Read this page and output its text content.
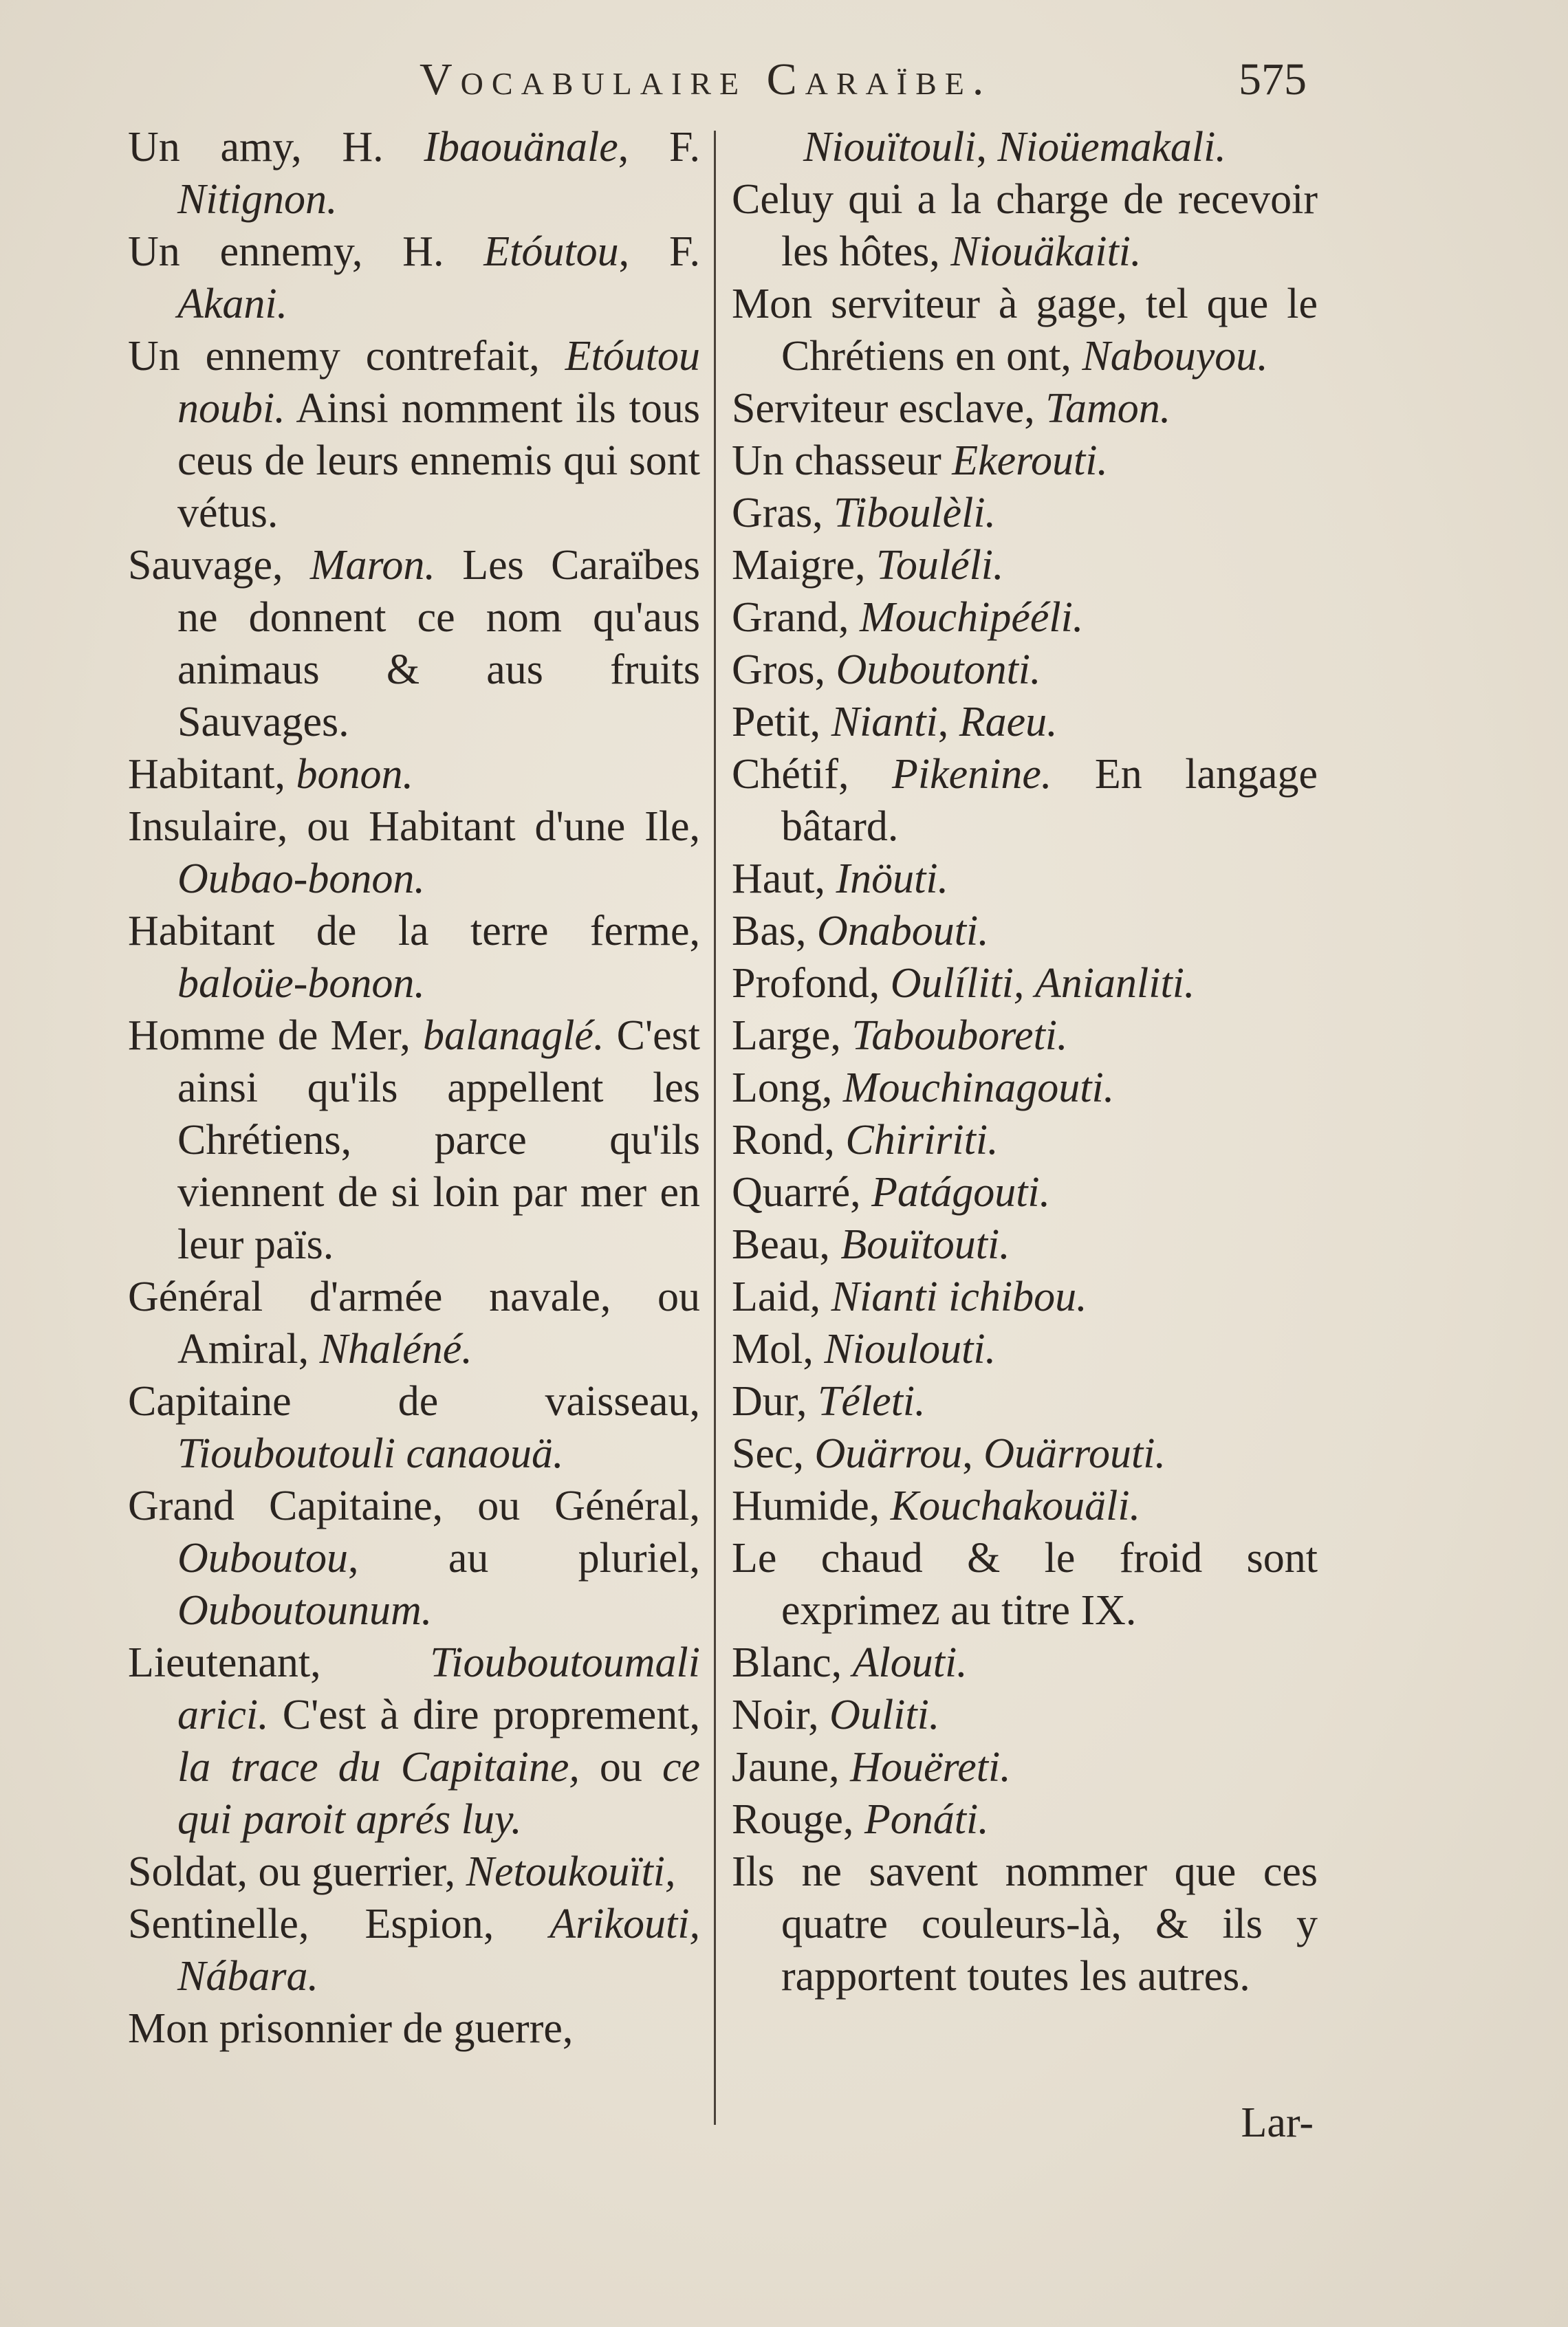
Vocabulaire Caraïbe.	575

Un amy, H. Ibaouänale, F. Nitignon.

Un ennemy, H. Etóutou, F. Akani.

Un ennemy contrefait, Etóutou noubi. Ainsi nomment ils tous ceus de leurs ennemis qui sont vétus.

Sauvage, Maron. Les Caraïbes ne donnent ce nom qu'aus animaus & aus fruits Sauvages.

Habitant, bonon.

Insulaire, ou Habitant d'une Ile, Oubao-bonon.

Habitant de la terre ferme, baloüe-bonon.

Homme de Mer, balanaglé. C'est ainsi qu'ils appellent les Chrétiens, parce qu'ils viennent de si loin par mer en leur païs.

Général d'armée navale, ou Amiral, Nhaléné.

Capitaine de vaisseau, Tiouboutouli canaouä.

Grand Capitaine, ou Général, Ouboutou, au pluriel, Ouboutounum.

Lieutenant, Tiouboutoumali arici. C'est à dire proprement, la trace du Capitaine, ou ce qui paroit aprés luy.

Soldat, ou guerrier, Netoukouïti,

Sentinelle, Espion, Arikouti, Nábara.

Mon prisonnier de guerre,

Niouïtouli, Nioüemakali.

Celuy qui a la charge de recevoir les hôtes, Niouäkaiti.

Mon serviteur à gage, tel que le Chrétiens en ont, Nabouyou.

Serviteur esclave, Tamon.

Un chasseur Ekerouti.

Gras, Tiboulèli.

Maigre, Touléli.

Grand, Mouchipééli.

Gros, Ouboutonti.

Petit, Nianti, Raeu.

Chétif, Pikenine. En langage bâtard.

Haut, Inöuti.

Bas, Onabouti.

Profond, Oulíliti, Anianliti.

Large, Tabouboreti.

Long, Mouchinagouti.

Rond, Chiririti.

Quarré, Patágouti.

Beau, Bouïtouti.

Laid, Nianti ichibou.

Mol, Nioulouti.

Dur, Téleti.

Sec, Ouärrou, Ouärrouti.

Humide, Kouchakouäli.

Le chaud & le froid sont exprimez au titre IX.

Blanc, Alouti.

Noir, Ouliti.

Jaune, Houëreti.

Rouge, Ponáti.

Ils ne savent nommer que ces quatre couleurs-là, & ils y rapportent toutes les autres.

Lar-
